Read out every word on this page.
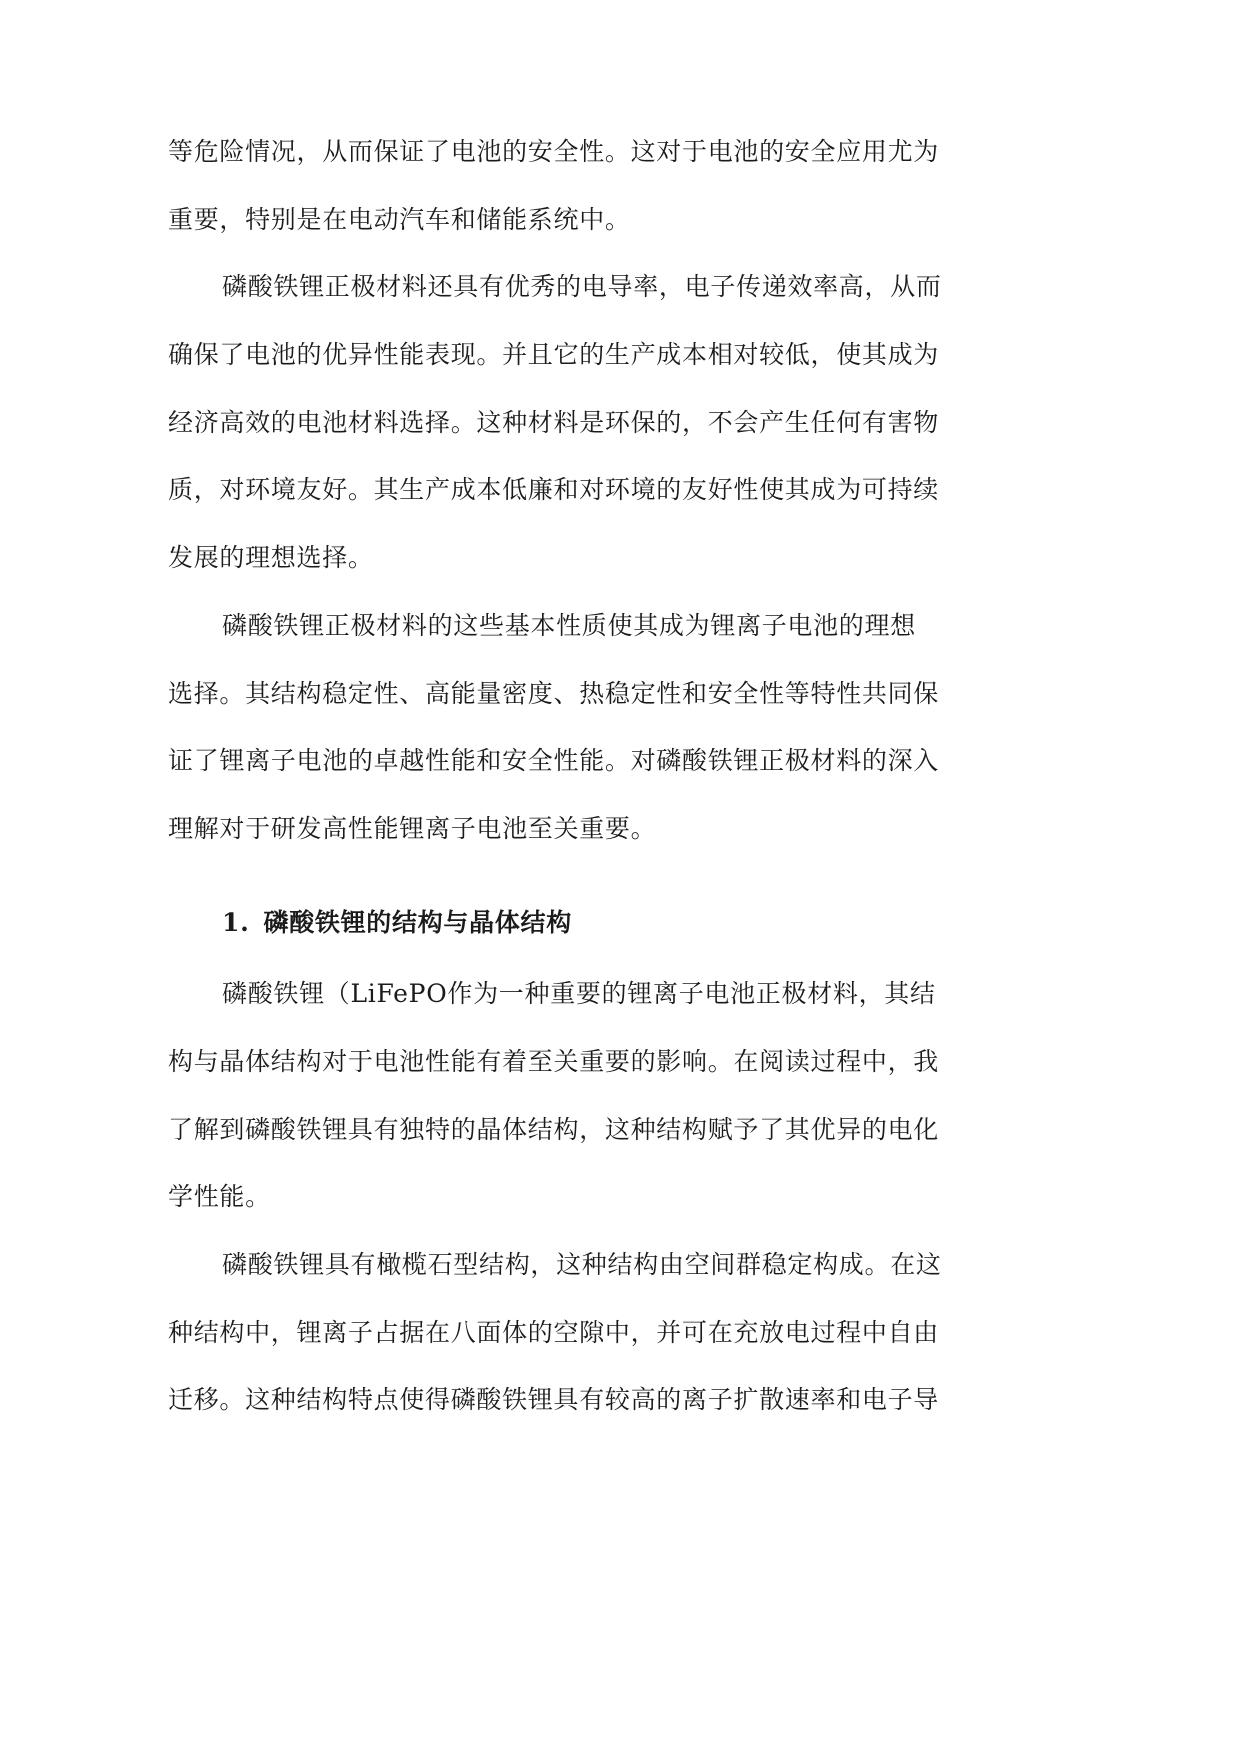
等危险情况，从而保证了电池的安全性。这对于电池的安全应用尤为
重要，特别是在电动汽车和储能系统中。
磷酸铁锂正极材料还具有优秀的电导率，电子传递效率高，从而
确保了电池的优异性能表现。并且它的生产成本相对较低，使其成为
经济高效的电池材料选择。这种材料是环保的，不会产生任何有害物
质，对环境友好。其生产成本低廉和对环境的友好性使其成为可持续
发展的理想选择。
磷酸铁锂正极材料的这些基本性质使其成为锂离子电池的理想
选择。其结构稳定性、高能量密度、热稳定性和安全性等特性共同保
证了锂离子电池的卓越性能和安全性能。对磷酸铁锂正极材料的深入
理解对于研发高性能锂离子电池至关重要。
1. 磷酸铁锂的结构与晶体结构
磷酸铁锂（LiFePO作为一种重要的锂离子电池正极材料，其结
构与晶体结构对于电池性能有着至关重要的影响。在阅读过程中，我
了解到磷酸铁锂具有独特的晶体结构，这种结构赋予了其优异的电化
学性能。
磷酸铁锂具有橄榄石型结构，这种结构由空间群稳定构成。在这
种结构中，锂离子占据在八面体的空隙中，并可在充放电过程中自由
迁移。这种结构特点使得磷酸铁锂具有较高的离子扩散速率和电子导
